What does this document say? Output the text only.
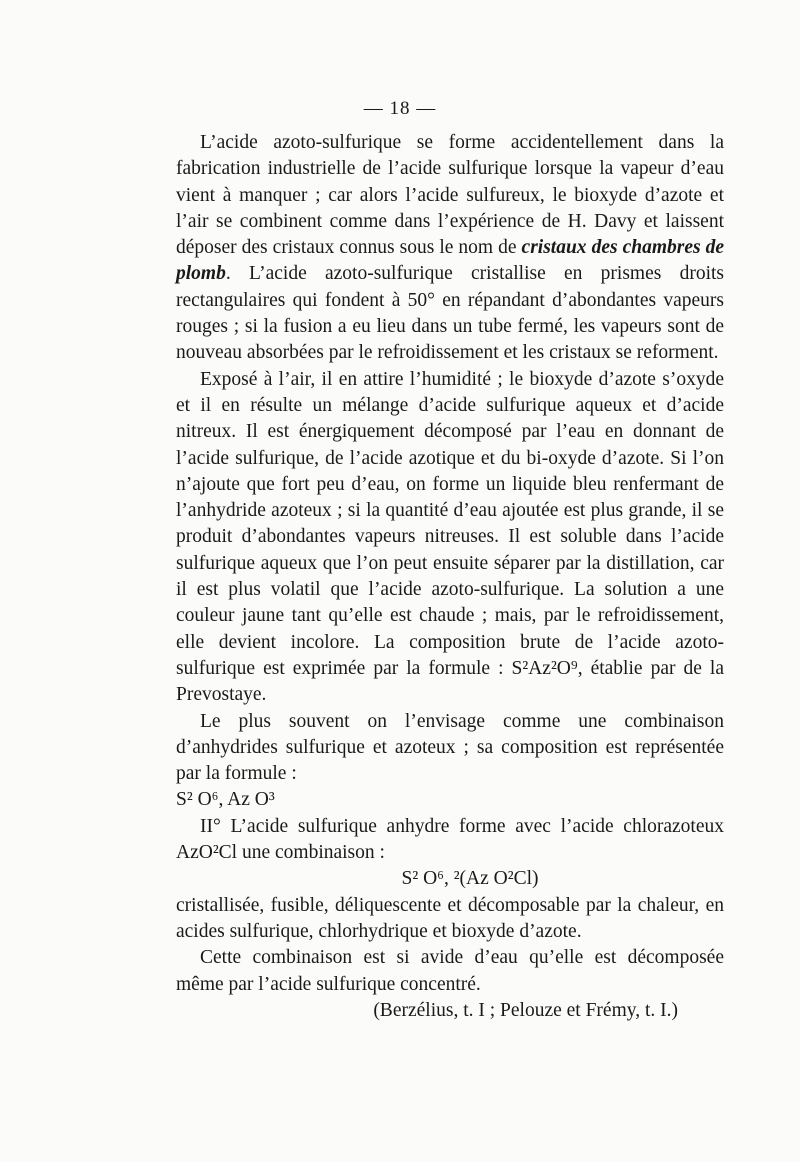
— 18 —

L’acide azoto-sulfurique se forme accidentellement dans la fabrication industrielle de l’acide sulfurique lorsque la vapeur d’eau vient à manquer ; car alors l’acide sulfureux, le bioxyde d’azote et l’air se combinent comme dans l’expérience de H. Davy et laissent déposer des cristaux connus sous le nom de cristaux des chambres de plomb. L’acide azoto-sulfurique cristallise en prismes droits rectangulaires qui fondent à 50° en répandant d’abondantes vapeurs rouges ; si la fusion a eu lieu dans un tube fermé, les vapeurs sont de nouveau absorbées par le refroidissement et les cristaux se reforment.

Exposé à l’air, il en attire l’humidité ; le bioxyde d’azote s’oxyde et il en résulte un mélange d’acide sulfurique aqueux et d’acide nitreux. Il est énergiquement décomposé par l’eau en donnant de l’acide sulfurique, de l’acide azotique et du bi-oxyde d’azote. Si l’on n’ajoute que fort peu d’eau, on forme un liquide bleu renfermant de l’anhydride azoteux ; si la quantité d’eau ajoutée est plus grande, il se produit d’abondantes vapeurs nitreuses. Il est soluble dans l’acide sulfurique aqueux que l’on peut ensuite séparer par la distillation, car il est plus volatil que l’acide azoto-sulfurique. La solution a une couleur jaune tant qu’elle est chaude ; mais, par le refroidissement, elle devient incolore. La composition brute de l’acide azoto-sulfurique est exprimée par la formule : S²Az²O⁹, établie par de la Prevostaye.

Le plus souvent on l’envisage comme une combinaison d’anhydrides sulfurique et azoteux ; sa composition est représentée par la formule :

S² O⁶, Az O³

II° L’acide sulfurique anhydre forme avec l’acide chlorazoteux AzO²Cl une combinaison :

S² O⁶, ²(Az O²Cl)

cristallisée, fusible, déliquescente et décomposable par la chaleur, en acides sulfurique, chlorhydrique et bioxyde d’azote.

Cette combinaison est si avide d’eau qu’elle est décomposée même par l’acide sulfurique concentré.

(Berzélius, t. I ; Pelouze et Frémy, t. I.)
